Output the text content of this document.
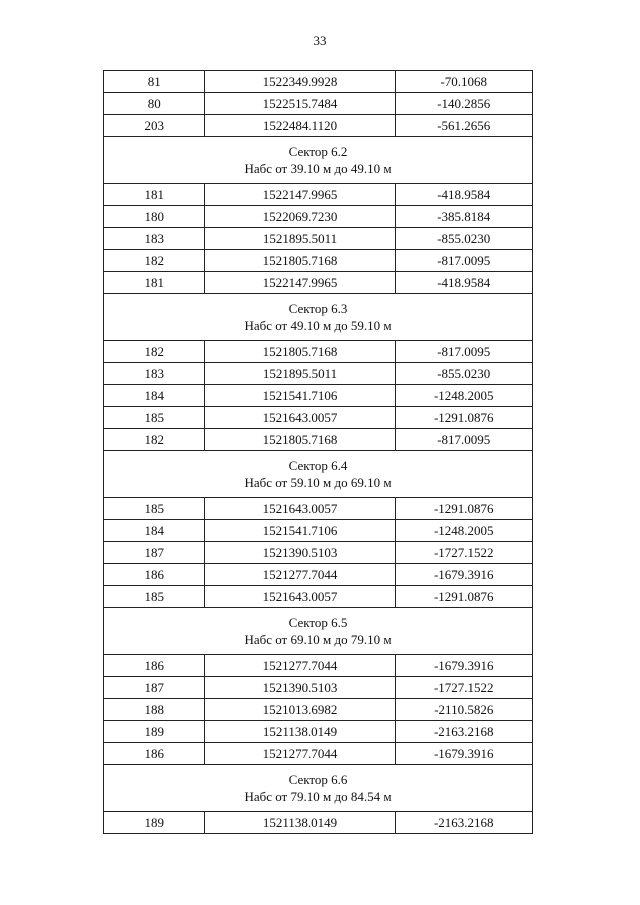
33
81	1522349.9928	-70.1068
80	1522515.7484	-140.2856
203	1522484.1120	-561.2656

Сектор 6.2
Набс от 39.10 м до 49.10 м		

181	1522147.9965	-418.9584
180	1522069.7230	-385.8184
183	1521895.5011	-855.0230
182	1521805.7168	-817.0095
181	1522147.9965	-418.9584

Сектор 6.3
Набс от 49.10 м до 59.10 м		

182	1521805.7168	-817.0095
183	1521895.5011	-855.0230
184	1521541.7106	-1248.2005
185	1521643.0057	-1291.0876
182	1521805.7168	-817.0095

Сектор 6.4
Набс от 59.10 м до 69.10 м		

185	1521643.0057	-1291.0876
184	1521541.7106	-1248.2005
187	1521390.5103	-1727.1522
186	1521277.7044	-1679.3916
185	1521643.0057	-1291.0876

Сектор 6.5
Набс от 69.10 м до 79.10 м		

186	1521277.7044	-1679.3916
187	1521390.5103	-1727.1522
188	1521013.6982	-2110.5826
189	1521138.0149	-2163.2168
186	1521277.7044	-1679.3916

Сектор 6.6
Набс от 79.10 м до 84.54 м		

189	1521138.0149	-2163.2168
